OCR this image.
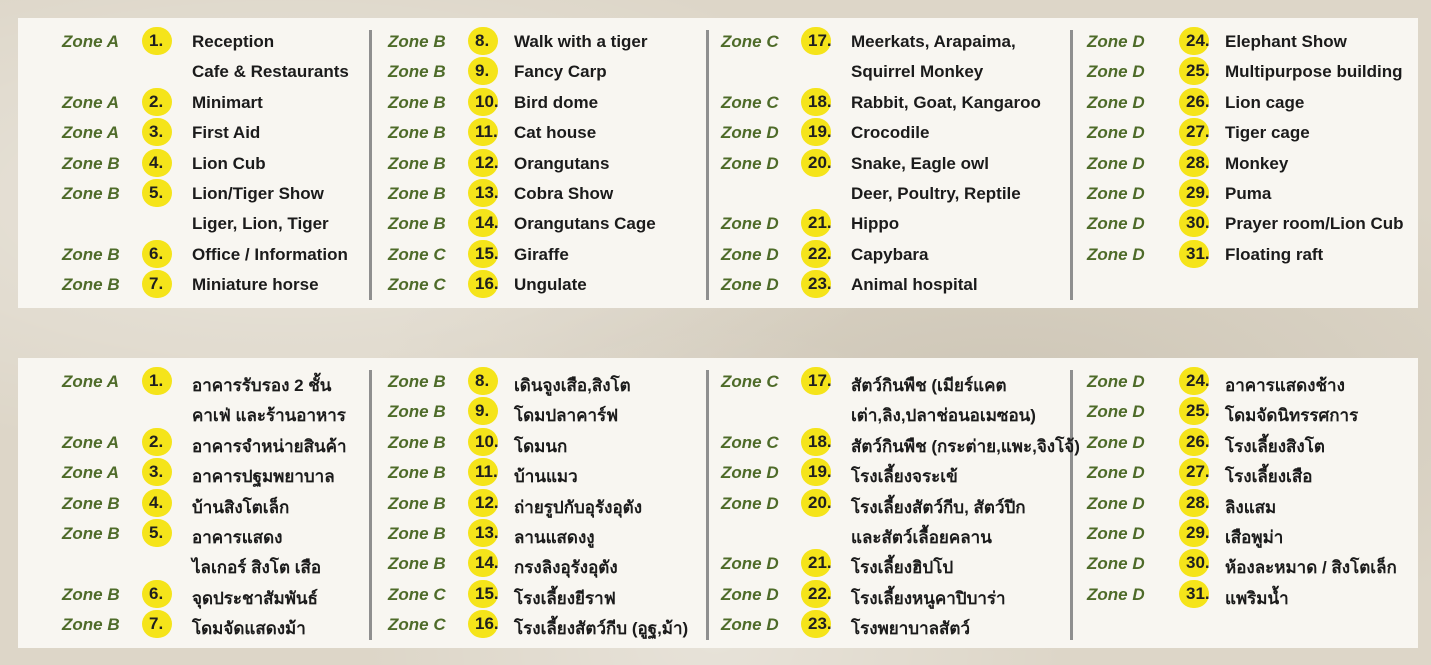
Zone A	1.	Reception
Cafe & Restaurants
Zone A	2.	Minimart
Zone A	3.	First Aid
Zone B	4.	Lion Cub
Zone B	5.	Lion/Tiger Show
Liger, Lion, Tiger
Zone B	6.	Office / Information
Zone B	7.	Miniature horse
Zone B	8.	Walk with a tiger
Zone B	9.	Fancy Carp
Zone B	10. Bird dome
Zone B	11. Cat house
Zone B	12. Orangutans
Zone B	13. Cobra Show
Zone B	14. Orangutans Cage
Zone C	15. Giraffe
Zone C	16. Ungulate
Zone C	17. Meerkats, Arapaima,
Squirrel Monkey
Zone C	18. Rabbit, Goat, Kangaroo
Zone D	19. Crocodile
Zone D	20. Snake, Eagle owl
Deer, Poultry, Reptile
Zone D	21. Hippo
Zone D	22. Capybara
Zone D	23. Animal hospital
Zone D	24. Elephant Show
Zone D	25. Multipurpose building
Zone D	26. Lion cage
Zone D	27. Tiger cage
Zone D	28. Monkey
Zone D	29. Puma
Zone D	30. Prayer room/Lion Cub
Zone D	31. Floating raft
Zone A	1.	อาคารรับรอง 2 ชั้น
คาเฟ่ และร้านอาหาร
Zone A	2.	อาคารจำหน่ายสินค้า
Zone A	3.	อาคารปฐมพยาบาล
Zone B	4.	บ้านสิงโตเล็ก
Zone B	5.	อาคารแสดง
ไลเกอร์ สิงโต เสือ
Zone B	6.	จุดประชาสัมพันธ์
Zone B	7.	โดมจัดแสดงม้า
Zone B	8.	เดินจูงเสือ,สิงโต
Zone B	9.	โดมปลาคาร์ฟ
Zone B	10. โดมนก
Zone B	11. บ้านแมว
Zone B	12. ถ่ายรูปกับอุรังอุตัง
Zone B	13. ลานแสดงงู
Zone B	14. กรงลิงอุรังอุตัง
Zone C	15. โรงเลี้ยงยีราฟ
Zone C	16. โรงเลี้ยงสัตว์กีบ (อูฐ,ม้า)
Zone C	17. สัตว์กินพืช (เมียร์แคต
เต่า,ลิง,ปลาช่อนอเมซอน)
Zone C	18. สัตว์กินพืช (กระต่าย,แพะ,จิงโจ้)
Zone D	19. โรงเลี้ยงจระเข้
Zone D	20. โรงเลี้ยงสัตว์กีบ, สัตว์ปีก
และสัตว์เลื้อยคลาน
Zone D	21. โรงเลี้ยงฮิปโป
Zone D	22. โรงเลี้ยงหนูคาปิบาร่า
Zone D	23. โรงพยาบาลสัตว์
Zone D	24. อาคารแสดงช้าง
Zone D	25. โดมจัดนิทรรศการ
Zone D	26. โรงเลี้ยงสิงโต
Zone D	27. โรงเลี้ยงเสือ
Zone D	28. ลิงแสม
Zone D	29. เสือพูม่า
Zone D	30. ห้องละหมาด / สิงโตเล็ก
Zone D	31. แพริมน้ำ
